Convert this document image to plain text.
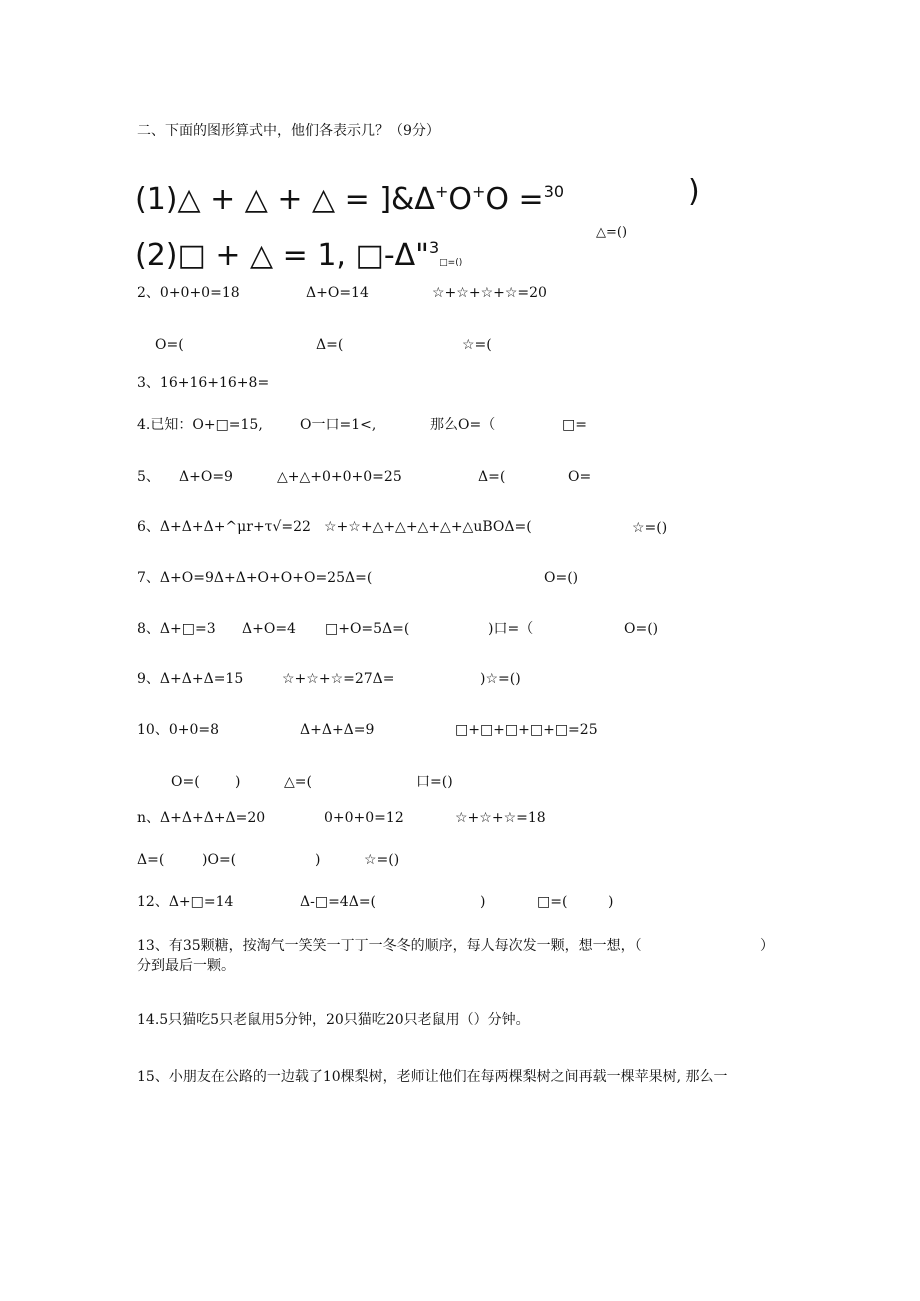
二、下面的图形算式中，他们各表示几？（9分）
(1)△ + △ + △ = ]&Δ+O+O =$^{30}$	)
(2)□ + △ = 1, □-Δ"$^3$□=()
△=()
2、0+0+0=18	Δ+O=14	☆+☆+☆+☆=20
O=(	Δ=(	☆=(
3、16+16+16+8=
4.已知：O+□=15,	O一口=1<,	那么O=（	□=
5、 Δ+O=9	△+△+0+0+0=25	Δ=(	O=
6、Δ+Δ+Δ+^μr+τ√=22 ☆+☆+△+△+△+△+△uBOΔ=(	☆=()
7、Δ+O=9Δ+Δ+O+O+O=25Δ=(	O=()
8、Δ+□=3 Δ+O=4 □+O=5Δ=(	)口=（	O=()
9、Δ+Δ+Δ=15	☆+☆+☆=27Δ=	)☆=()
10、0+0=8	Δ+Δ+Δ=9	□+□+□+□+□=25
O=(	)	△=(	口=()
n、Δ+Δ+Δ+Δ=20	0+0+0=12	☆+☆+☆=18
Δ=(	)O=(	)	☆=()
12、Δ+□=14	Δ-□=4Δ=(	)	□=(	)
13、有35颗糖，按淘气一笑笑一丁丁一冬冬的顺序，每人每次发一颗，想一想，（	）
分到最后一颗。
14.5只猫吃5只老鼠用5分钟，20只猫吃20只老鼠用（）分钟。
15、小朋友在公路的一边载了10棵梨树，老师让他们在每两棵梨树之间再载一棵苹果树, 那么一
